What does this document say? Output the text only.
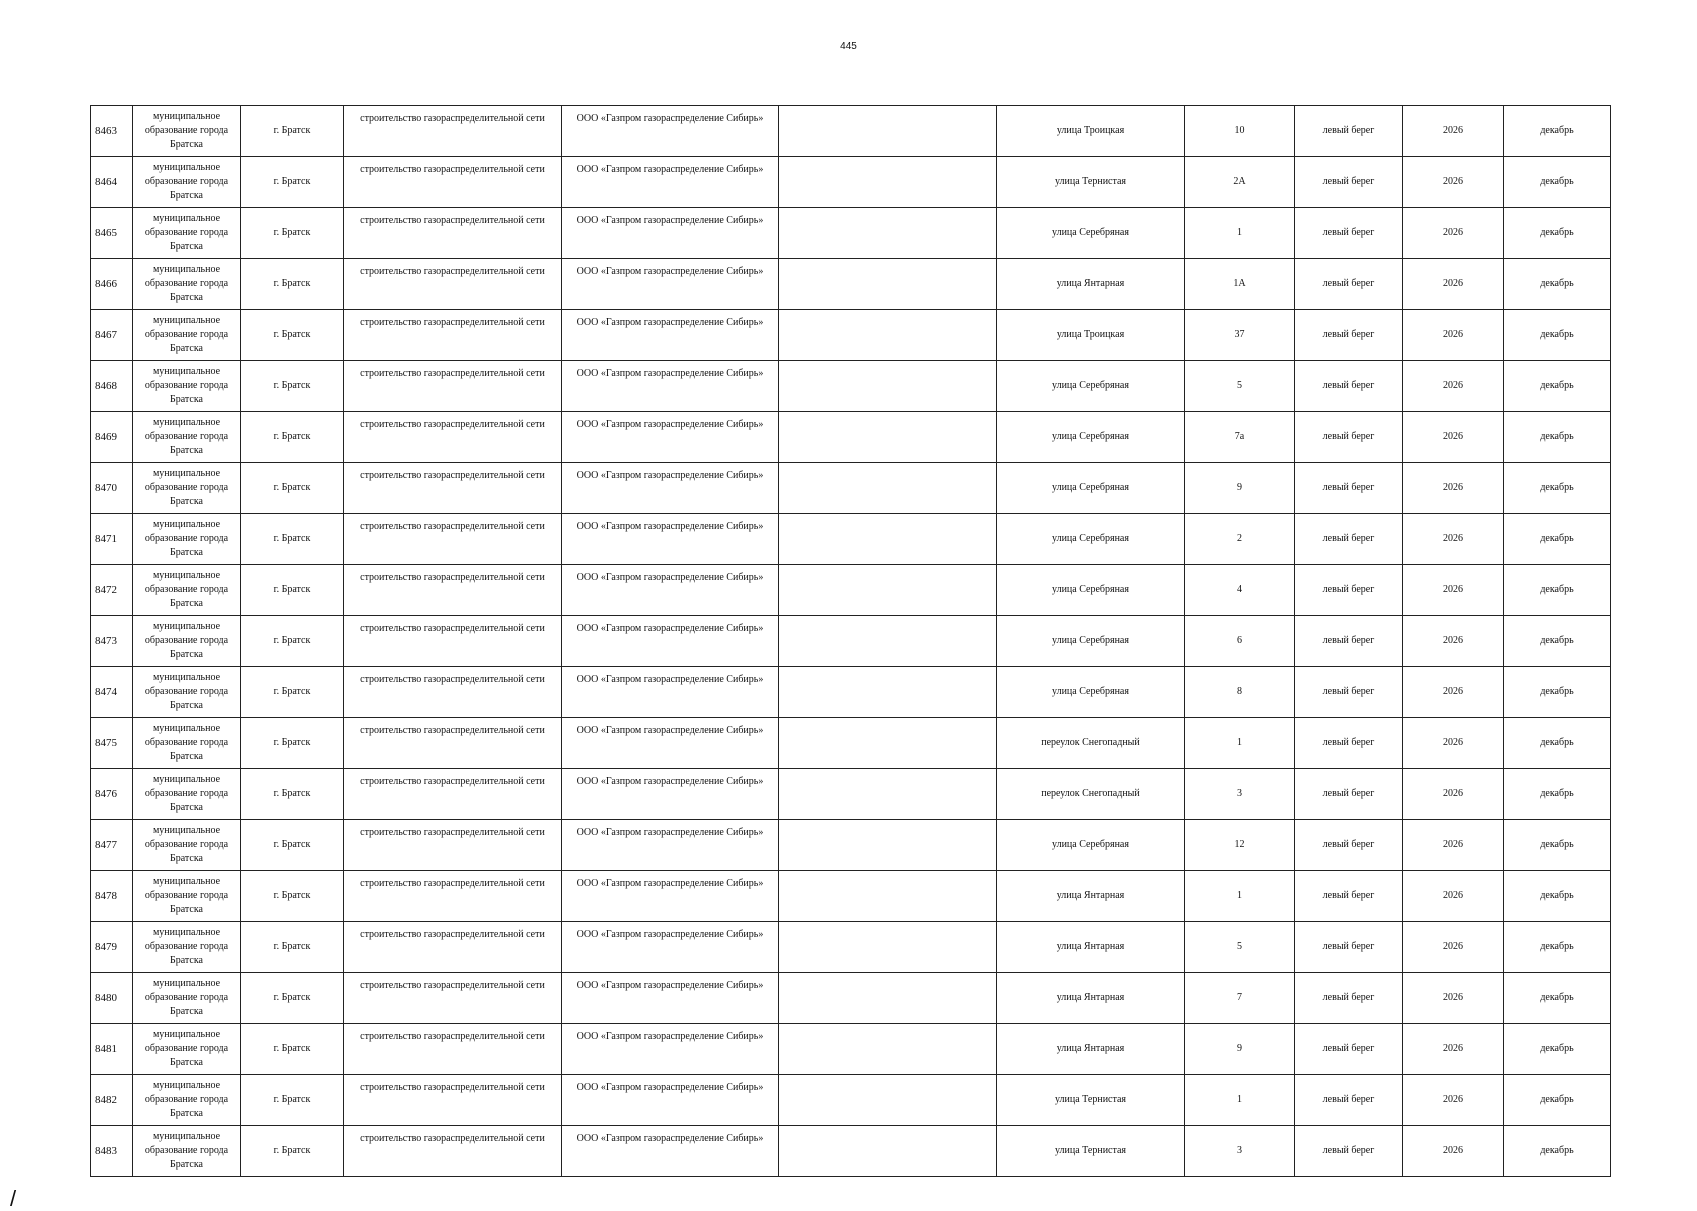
445
8463	муниципальное образование города Братска	г. Братск	строительство газораспределительной сети	ООО «Газпром газораспределение Сибирь»		улица Троицкая	10	левый берег	2026	декабрь
8464	муниципальное образование города Братска	г. Братск	строительство газораспределительной сети	ООО «Газпром газораспределение Сибирь»		улица Тернистая	2А	левый берег	2026	декабрь
8465	муниципальное образование города Братска	г. Братск	строительство газораспределительной сети	ООО «Газпром газораспределение Сибирь»		улица Серебряная	1	левый берег	2026	декабрь
8466	муниципальное образование города Братска	г. Братск	строительство газораспределительной сети	ООО «Газпром газораспределение Сибирь»		улица Янтарная	1А	левый берег	2026	декабрь
8467	муниципальное образование города Братска	г. Братск	строительство газораспределительной сети	ООО «Газпром газораспределение Сибирь»		улица Троицкая	37	левый берег	2026	декабрь
8468	муниципальное образование города Братска	г. Братск	строительство газораспределительной сети	ООО «Газпром газораспределение Сибирь»		улица Серебряная	5	левый берег	2026	декабрь
8469	муниципальное образование города Братска	г. Братск	строительство газораспределительной сети	ООО «Газпром газораспределение Сибирь»		улица Серебряная	7а	левый берег	2026	декабрь
8470	муниципальное образование города Братска	г. Братск	строительство газораспределительной сети	ООО «Газпром газораспределение Сибирь»		улица Серебряная	9	левый берег	2026	декабрь
8471	муниципальное образование города Братска	г. Братск	строительство газораспределительной сети	ООО «Газпром газораспределение Сибирь»		улица Серебряная	2	левый берег	2026	декабрь
8472	муниципальное образование города Братска	г. Братск	строительство газораспределительной сети	ООО «Газпром газораспределение Сибирь»		улица Серебряная	4	левый берег	2026	декабрь
8473	муниципальное образование города Братска	г. Братск	строительство газораспределительной сети	ООО «Газпром газораспределение Сибирь»		улица Серебряная	6	левый берег	2026	декабрь
8474	муниципальное образование города Братска	г. Братск	строительство газораспределительной сети	ООО «Газпром газораспределение Сибирь»		улица Серебряная	8	левый берег	2026	декабрь
8475	муниципальное образование города Братска	г. Братск	строительство газораспределительной сети	ООО «Газпром газораспределение Сибирь»		переулок Снегопадный	1	левый берег	2026	декабрь
8476	муниципальное образование города Братска	г. Братск	строительство газораспределительной сети	ООО «Газпром газораспределение Сибирь»		переулок Снегопадный	3	левый берег	2026	декабрь
8477	муниципальное образование города Братска	г. Братск	строительство газораспределительной сети	ООО «Газпром газораспределение Сибирь»		улица Серебряная	12	левый берег	2026	декабрь
8478	муниципальное образование города Братска	г. Братск	строительство газораспределительной сети	ООО «Газпром газораспределение Сибирь»		улица Янтарная	1	левый берег	2026	декабрь
8479	муниципальное образование города Братска	г. Братск	строительство газораспределительной сети	ООО «Газпром газораспределение Сибирь»		улица Янтарная	5	левый берег	2026	декабрь
8480	муниципальное образование города Братска	г. Братск	строительство газораспределительной сети	ООО «Газпром газораспределение Сибирь»		улица Янтарная	7	левый берег	2026	декабрь
8481	муниципальное образование города Братска	г. Братск	строительство газораспределительной сети	ООО «Газпром газораспределение Сибирь»		улица Янтарная	9	левый берег	2026	декабрь
8482	муниципальное образование города Братска	г. Братск	строительство газораспределительной сети	ООО «Газпром газораспределение Сибирь»		улица Тернистая	1	левый берег	2026	декабрь
8483	муниципальное образование города Братска	г. Братск	строительство газораспределительной сети	ООО «Газпром газораспределение Сибирь»		улица Тернистая	3	левый берег	2026	декабрь
/
